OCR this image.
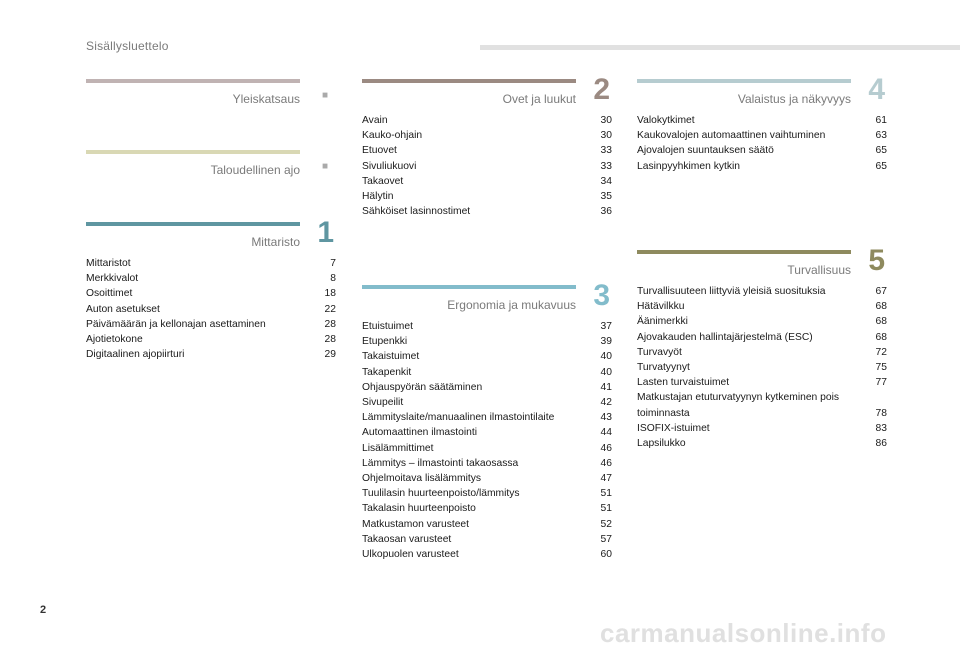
Sisällysluettelo
Yleiskatsaus	■
Taloudellinen ajo	■
Mittaristo 1
Mittaristot	7
Merkkivalot	8
Osoittimet	18
Auton asetukset	22
Päivämäärän ja kellonajan asettaminen	28
Ajotietokone	28
Digitaalinen ajopiirturi	29
Ovet ja luukut 2
Avain	30
Kauko-ohjain	30
Etuovet	33
Sivuliukuovi	33
Takaovet	34
Hälytin	35
Sähköiset lasinnostimet	36
Ergonomia ja mukavuus 3
Etuistuimet	37
Etupenkki	39
Takaistuimet	40
Takapenkit	40
Ohjauspyörän säätäminen	41
Sivupeilit	42
Lämmityslaite/manuaalinen ilmastointilaite	43
Automaattinen ilmastointi	44
Lisälämmittimet	46
Lämmitys – ilmastointi takaosassa	46
Ohjelmoitava lisälämmitys	47
Tuulilasin huurteenpoisto/lämmitys	51
Takalasin huurteenpoisto	51
Matkustamon varusteet	52
Takaosan varusteet	57
Ulkopuolen varusteet	60
Valaistus ja näkyvyys 4
Valokytkimet	61
Kaukovalojen automaattinen vaihtuminen	63
Ajovalojen suuntauksen säätö	65
Lasinpyyhkimen kytkin	65
Turvallisuus 5
Turvallisuuteen liittyviä yleisiä suosituksia	67
Hätävilkku	68
Äänimerkki	68
Ajovakauden hallintajärjestelmä (ESC)	68
Turvavyöt	72
Turvatyynyt	75
Lasten turvaistuimet	77
Matkustajan etuturvatyynyn kytkeminen pois toiminnasta	78
ISOFIX-istuimet	83
Lapsilukko	86
2
carmanualsonline.info
